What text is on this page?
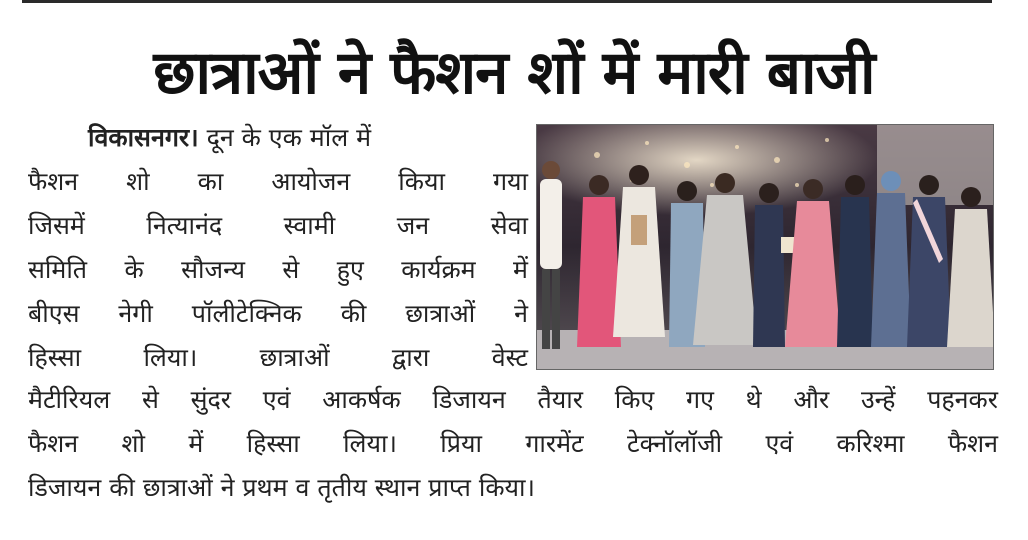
छात्राओं ने फैशन शों में मारी बाजी
विकासनगर। दून के एक मॉल में
फैशन शो का आयोजन किया गया
जिसमें नित्यानंद स्वामी जन सेवा
समिति के सौजन्य से हुए कार्यक्रम में
बीएस नेगी पॉलीटेक्निक की छात्राओं ने
हिस्सा लिया। छात्राओं द्वारा वेस्ट
मैटीरियल से सुंदर एवं आकर्षक डिजायन तैयार किए गए थे और उन्हें पहनकर
फैशन शो में हिस्सा लिया। प्रिया गारमेंट टेक्नॉलॉजी एवं करिश्मा फैशन
डिजायन की छात्राओं ने प्रथम व तृतीय स्थान प्राप्त किया।
